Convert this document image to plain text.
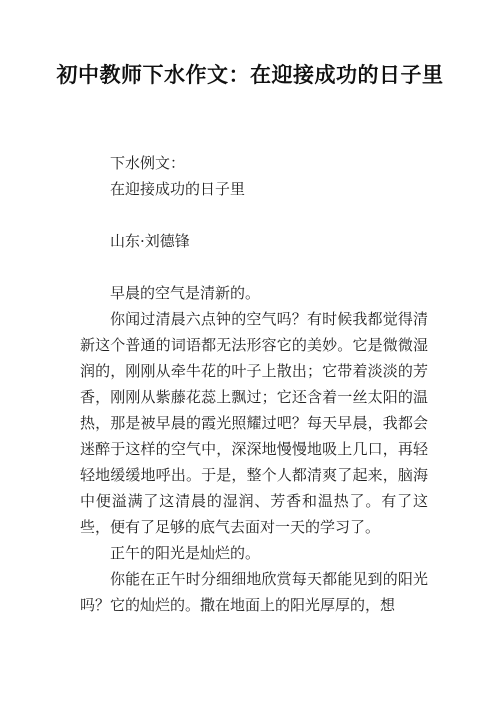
初中教师下水作文：在迎接成功的日子里

下水例文：

在迎接成功的日子里

山东·刘德锋

早晨的空气是清新的。

你闻过清晨六点钟的空气吗？有时候我都觉得清新这个普通的词语都无法形容它的美妙。它是微微湿润的，刚刚从牵牛花的叶子上散出；它带着淡淡的芳香，刚刚从紫藤花蕊上飘过；它还含着一丝太阳的温热，那是被早晨的霞光照耀过吧？每天早晨，我都会迷醉于这样的空气中，深深地慢慢地吸上几口，再轻轻地缓缓地呼出。于是，整个人都清爽了起来，脑海中便溢满了这清晨的湿润、芳香和温热了。有了这些，便有了足够的底气去面对一天的学习了。

正午的阳光是灿烂的。

你能在正午时分细细地欣赏每天都能见到的阳光吗？它的灿烂的。撒在地面上的阳光厚厚的，想
